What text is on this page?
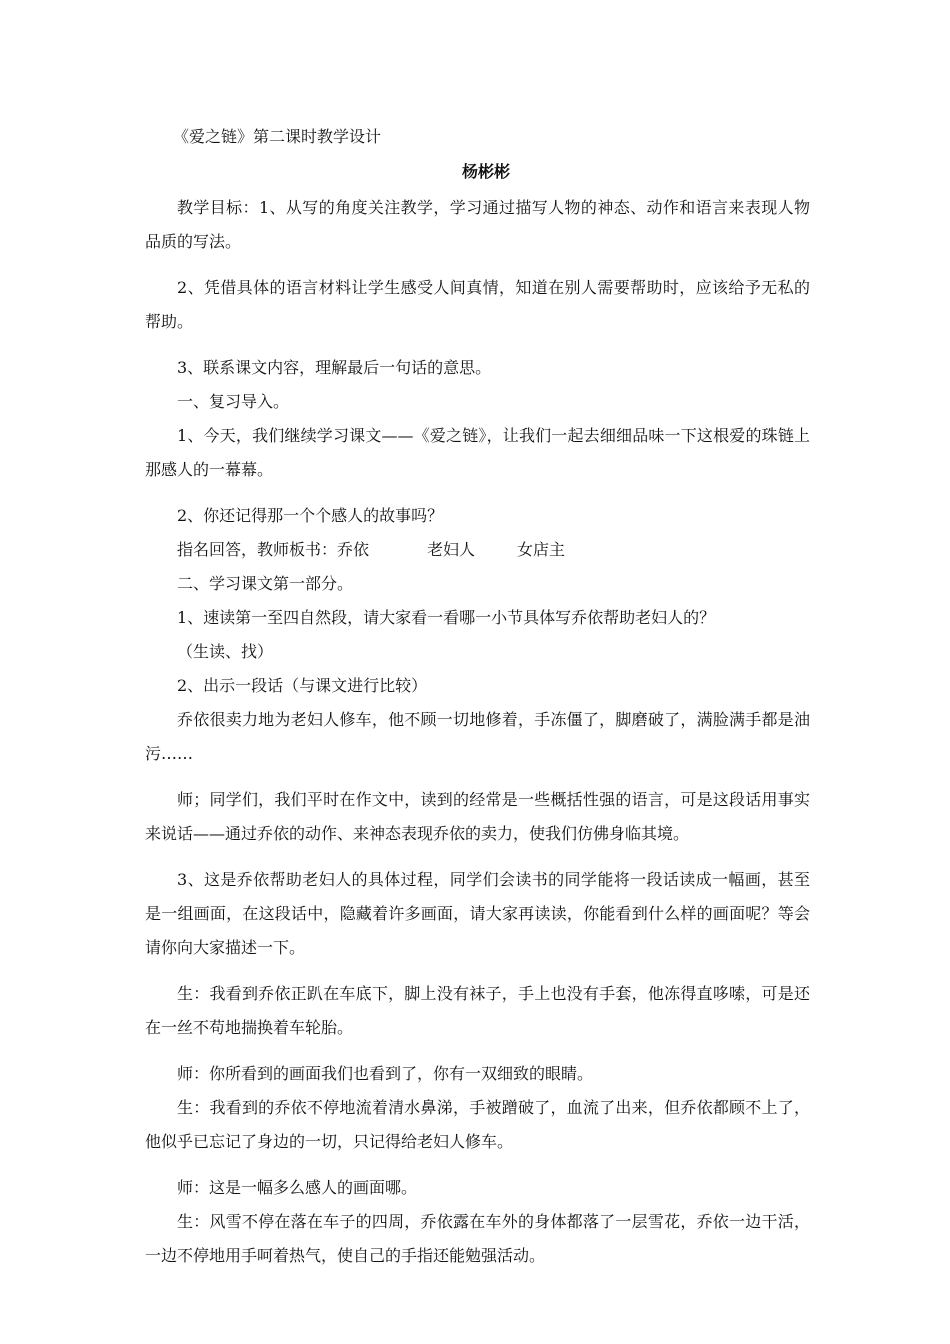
《爱之链》第二课时教学设计
杨彬彬

教学目标：1、从写的角度关注教学，学习通过描写人物的神态、动作和语言来表现人物品质的写法。

2、凭借具体的语言材料让学生感受人间真情，知道在别人需要帮助时，应该给予无私的帮助。

3、联系课文内容，理解最后一句话的意思。

一、复习导入。

1、今天，我们继续学习课文——《爱之链》，让我们一起去细细品味一下这根爱的珠链上那感人的一幕幕。

2、你还记得那一个个感人的故事吗？

指名回答，教师板书：乔依	老妇人	女店主

二、学习课文第一部分。

1、速读第一至四自然段，请大家看一看哪一小节具体写乔依帮助老妇人的？

（生读、找）

2、出示一段话（与课文进行比较）

乔依很卖力地为老妇人修车，他不顾一切地修着，手冻僵了，脚磨破了，满脸满手都是油污……

师；同学们，我们平时在作文中，读到的经常是一些概括性强的语言，可是这段话用事实来说话——通过乔依的动作、来神态表现乔依的卖力，使我们仿佛身临其境。

3、这是乔依帮助老妇人的具体过程，同学们会读书的同学能将一段话读成一幅画，甚至是一组画面，在这段话中，隐藏着许多画面，请大家再读读，你能看到什么样的画面呢？等会请你向大家描述一下。

生：我看到乔依正趴在车底下，脚上没有袜子，手上也没有手套，他冻得直哆嗦，可是还在一丝不苟地揣换着车轮胎。

师：你所看到的画面我们也看到了，你有一双细致的眼睛。

生：我看到的乔依不停地流着清水鼻涕，手被蹭破了，血流了出来，但乔依都顾不上了，他似乎已忘记了身边的一切，只记得给老妇人修车。

师：这是一幅多么感人的画面哪。

生：风雪不停在落在车子的四周，乔依露在车外的身体都落了一层雪花，乔依一边干活，一边不停地用手呵着热气，使自己的手指还能勉强活动。
